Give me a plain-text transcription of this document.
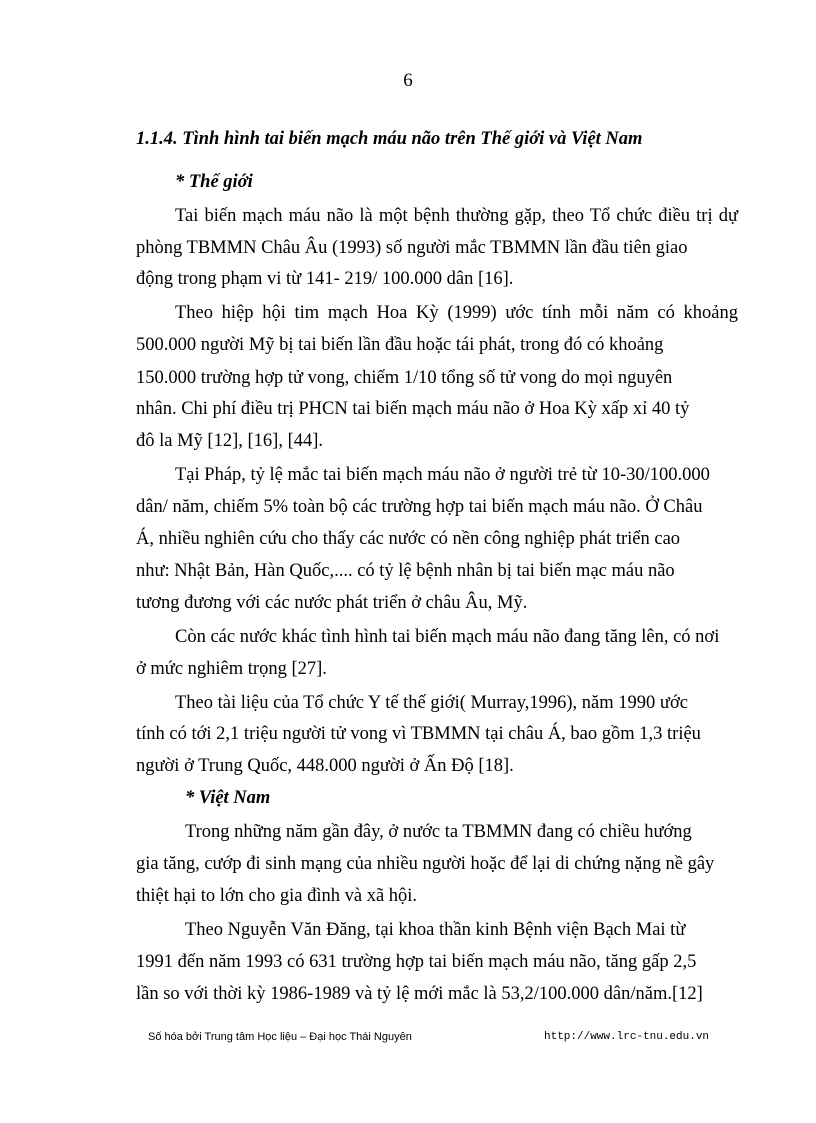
6
1.1.4. Tình hình tai biến mạch máu não trên Thế giới và Việt Nam
* Thế giới
Tai biến mạch máu não là một bệnh thường gặp, theo Tổ chức điều trị dự
phòng TBMMN Châu Âu (1993) số người mắc TBMMN lần đầu tiên giao
động trong phạm vi từ 141- 219/ 100.000 dân [16].
Theo hiệp hội tim mạch Hoa Kỳ (1999) ước tính mỗi năm có khoảng
500.000 người Mỹ bị tai biến lần đầu hoặc tái phát, trong đó có khoảng
150.000 trường hợp tử vong, chiếm 1/10 tổng số tử vong do mọi nguyên
nhân. Chi phí điều trị PHCN tai biến mạch máu não ở Hoa Kỳ xấp xỉ 40 tỷ
đô la Mỹ [12], [16], [44].
Tại Pháp, tỷ lệ mắc tai biến mạch máu não ở người trẻ từ 10-30/100.000
dân/ năm, chiếm 5% toàn bộ các trường hợp tai biến mạch máu não. Ở Châu
Á, nhiều nghiên cứu cho thấy các nước có nền công nghiệp phát triển cao
như: Nhật Bản, Hàn Quốc,.... có tỷ lệ bệnh nhân bị tai biến mạc máu não
tương đương với các nước phát triển ở châu Âu, Mỹ.
Còn các nước khác tình hình tai biến mạch máu não đang tăng lên, có nơi
ở mức nghiêm trọng [27].
Theo tài liệu của Tổ chức Y tế thế giới( Murray,1996), năm 1990 ước
tính có tới 2,1 triệu người tử vong vì TBMMN tại châu Á, bao gồm 1,3 triệu
người ở Trung Quốc, 448.000 người ở Ấn Độ [18].
* Việt Nam
Trong những năm gần đây, ở nước ta TBMMN đang có chiều hướng
gia tăng, cướp đi sinh mạng của nhiều người hoặc để lại di chứng nặng nề gây
thiệt hại to lớn cho gia đình và xã hội.
Theo Nguyễn Văn Đăng, tại khoa thần kinh Bệnh viện Bạch Mai từ
1991 đến năm 1993 có 631 trường hợp tai biến mạch máu não, tăng gấp 2,5
lần so với thời kỳ 1986-1989 và tỷ lệ mới mắc là 53,2/100.000 dân/năm.[12]
Số hóa bởi Trung tâm Học liệu – Đại học Thái Nguyên	http://www.lrc-tnu.edu.vn
